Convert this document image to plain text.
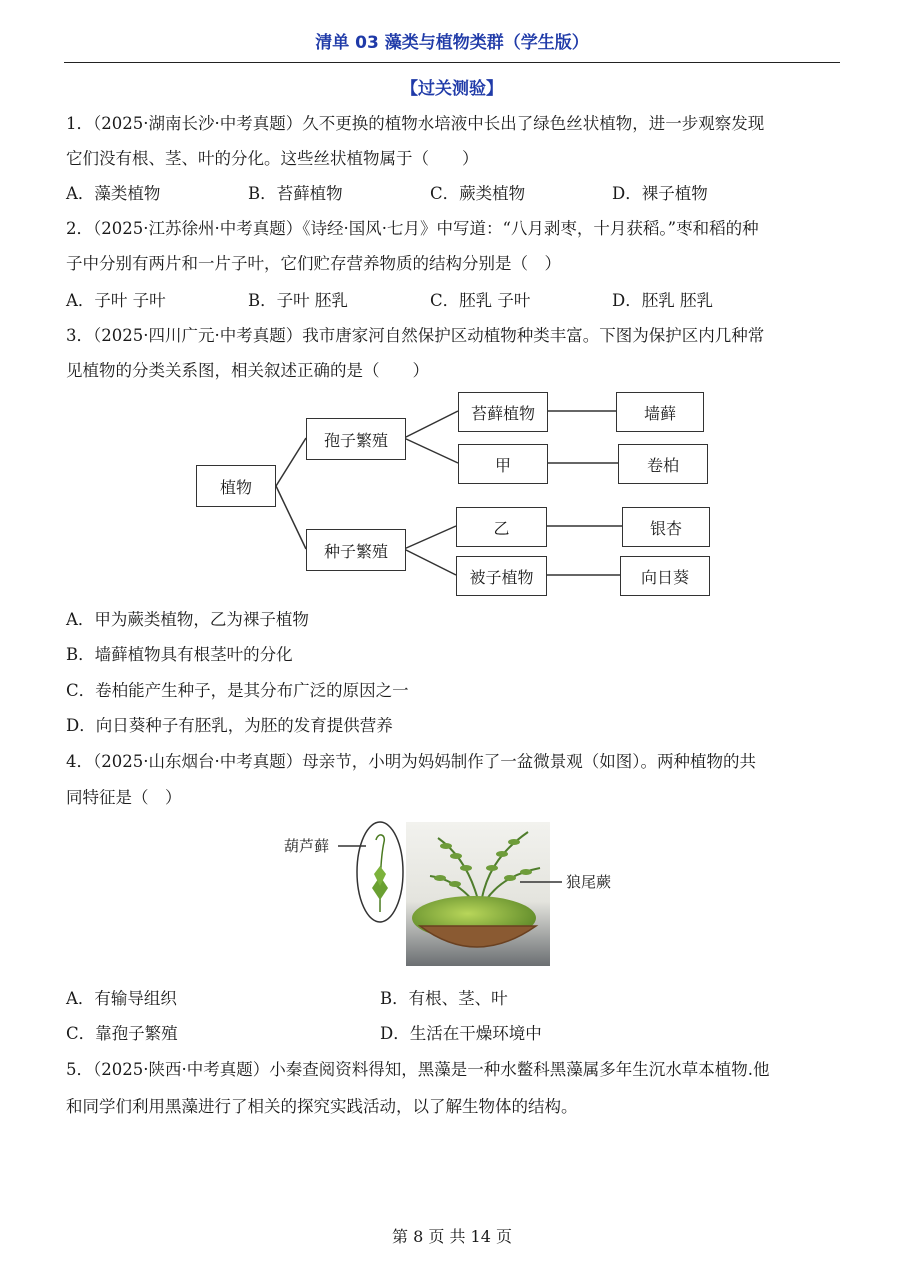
清单 03 藻类与植物类群（学生版）
【过关测验】
1．（2025·湖南长沙·中考真题）久不更换的植物水培液中长出了绿色丝状植物，进一步观察发现
它们没有根、茎、叶的分化。这些丝状植物属于（　　）
A．藻类植物	B．苔藓植物	C．蕨类植物	D．裸子植物
2．（2025·江苏徐州·中考真题）《诗经·国风·七月》中写道：“八月剥枣，十月获稻。”枣和稻的种
子中分别有两片和一片子叶，它们贮存营养物质的结构分别是（　）
A．子叶 子叶	B．子叶 胚乳	C．胚乳 子叶	D．胚乳 胚乳
3．（2025·四川广元·中考真题）我市唐家河自然保护区动植物种类丰富。下图为保护区内几种常
见植物的分类关系图，相关叙述正确的是（　　）
植物
孢子繁殖
种子繁殖
苔藓植物
甲
乙
被子植物
墙藓
卷柏
银杏
向日葵
A．甲为蕨类植物，乙为裸子植物
B．墙藓植物具有根茎叶的分化
C．卷柏能产生种子，是其分布广泛的原因之一
D．向日葵种子有胚乳，为胚的发育提供营养
4．（2025·山东烟台·中考真题）母亲节，小明为妈妈制作了一盆微景观（如图）。两种植物的共
同特征是（　）
葫芦藓
狼尾蕨
A．有输导组织	B．有根、茎、叶
C．靠孢子繁殖	D．生活在干燥环境中
5．（2025·陕西·中考真题）小秦查阅资料得知，黑藻是一种水鳖科黑藻属多年生沉水草本植物.他
和同学们利用黑藻进行了相关的探究实践活动，以了解生物体的结构。
第 8 页 共 14 页
